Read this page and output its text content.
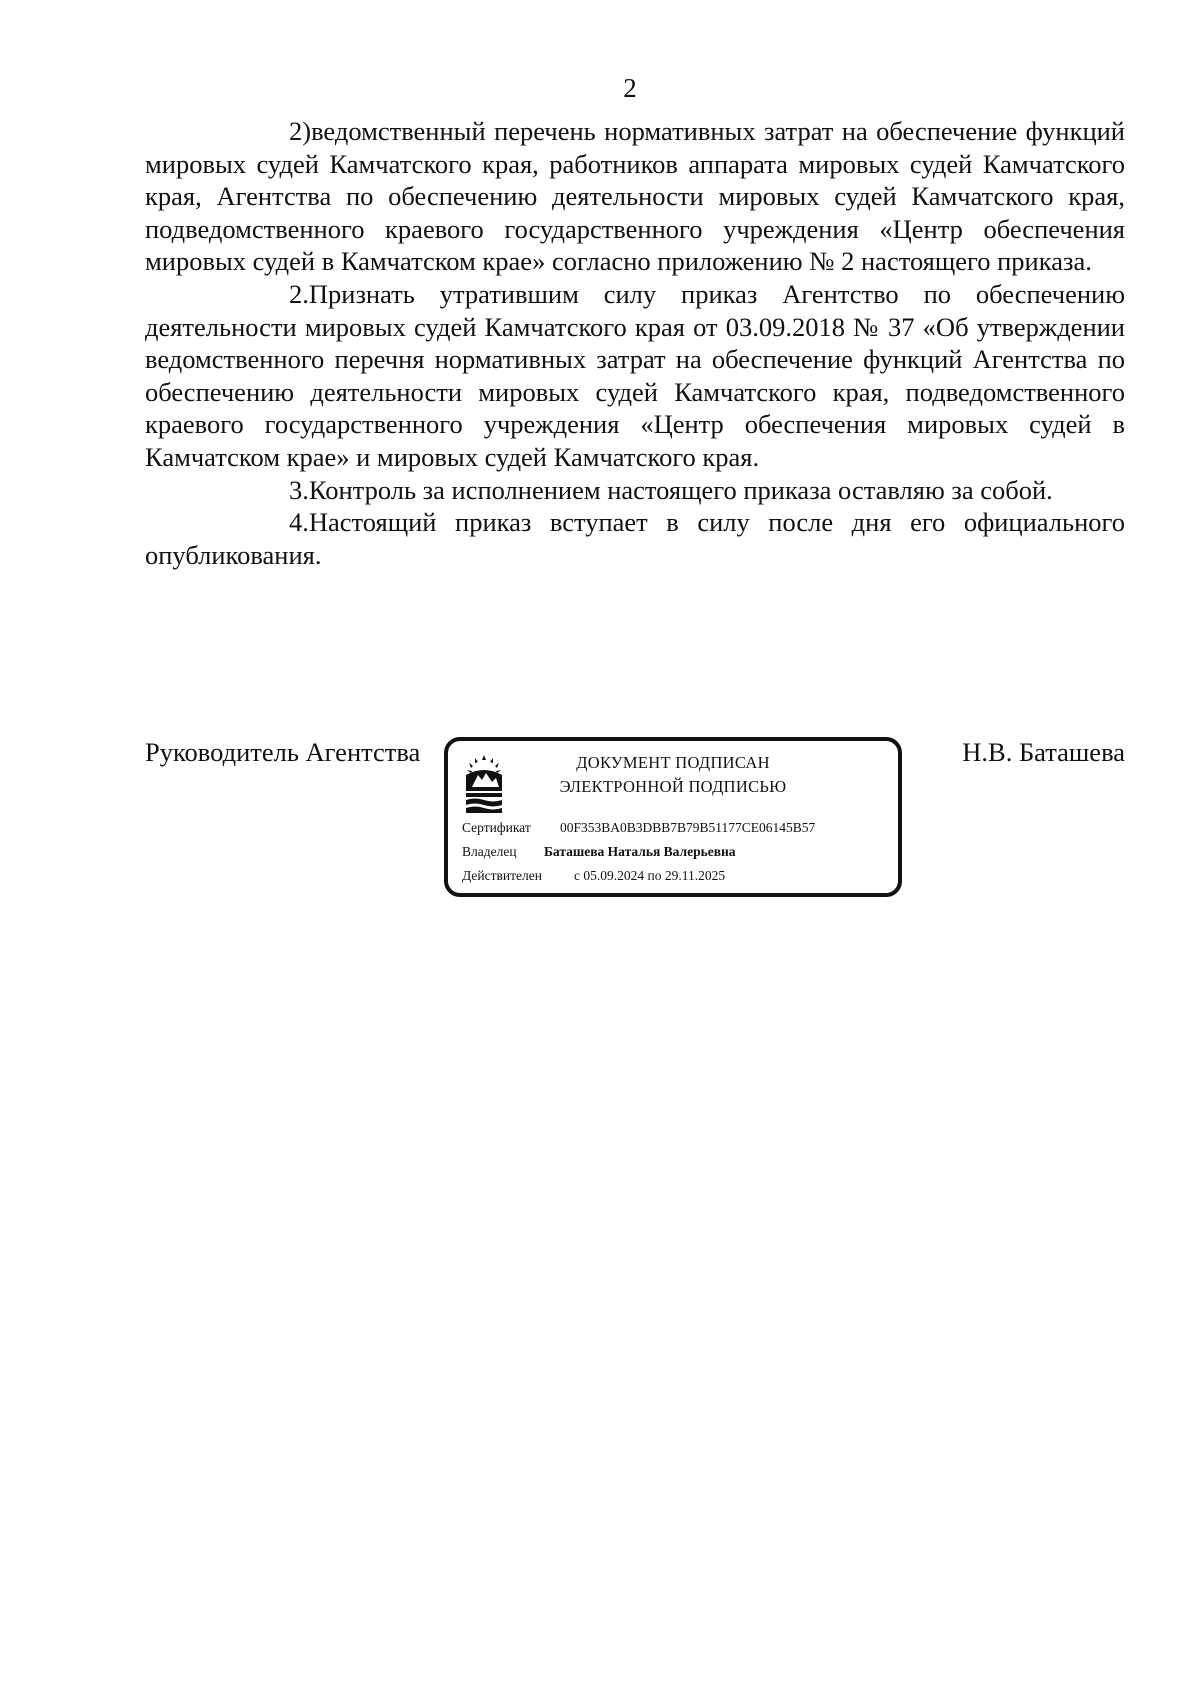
2

2)ведомственный перечень нормативных затрат на обеспечение функций мировых судей Камчатского края, работников аппарата мировых судей Камчатского края, Агентства по обеспечению деятельности мировых судей Камчатского края, подведомственного краевого государственного учреждения «Центр обеспечения мировых судей в Камчатском крае» согласно приложению № 2 настоящего приказа.

2.Признать утратившим силу приказ Агентство по обеспечению деятельности мировых судей Камчатского края от 03.09.2018 № 37 «Об утверждении ведомственного перечня нормативных затрат на обеспечение функций Агентства по обеспечению деятельности мировых судей Камчатского края, подведомственного краевого государственного учреждения «Центр обеспечения мировых судей в Камчатском крае» и мировых судей Камчатского края.

3.Контроль за исполнением настоящего приказа оставляю за собой.

4.Настоящий приказ вступает в силу после дня его официального опубликования.

Руководитель Агентства	Н.В. Баташева
ДОКУМЕНТ ПОДПИСАН
ЭЛЕКТРОННОЙ ПОДПИСЬЮ
Сертификат 00F353BA0B3DBB7B79B51177CE06145B57
Владелец Баташева Наталья Валерьевна
Действителен с 05.09.2024 по 29.11.2025
